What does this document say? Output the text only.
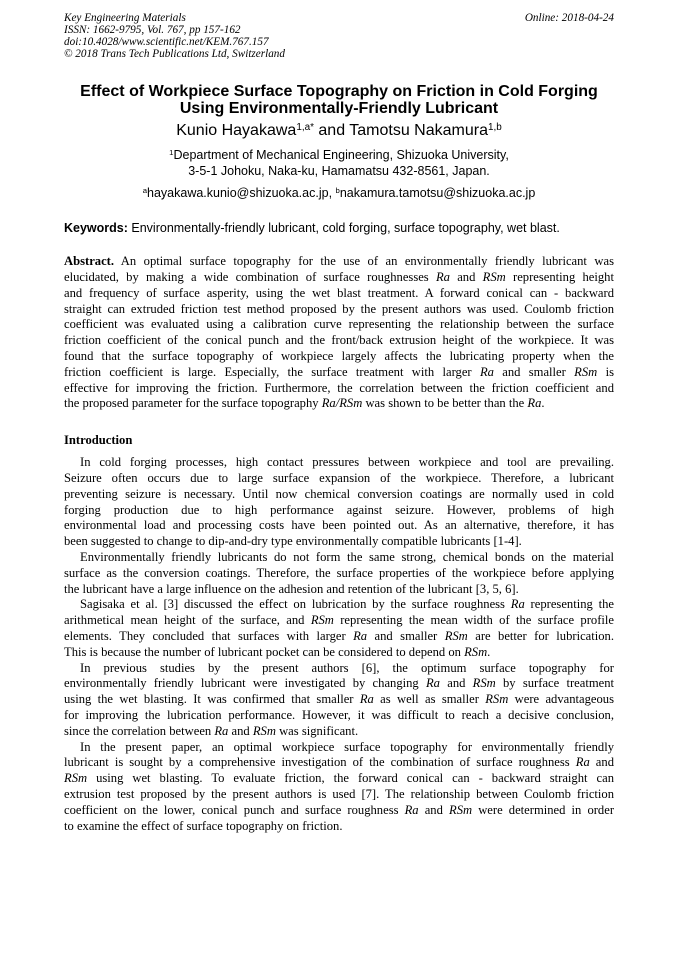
Key Engineering Materials
ISSN: 1662-9795, Vol. 767, pp 157-162
doi:10.4028/www.scientific.net/KEM.767.157
© 2018 Trans Tech Publications Ltd, Switzerland
Online: 2018-04-24
Effect of Workpiece Surface Topography on Friction in Cold Forging
Using Environmentally-Friendly Lubricant
Kunio Hayakawa$^{1,a*}$ and Tamotsu Nakamura$^{1,b}$
$^1$Department of Mechanical Engineering, Shizuoka University,
3-5-1 Johoku, Naka-ku, Hamamatsu 432-8561, Japan.
$^a$hayakawa.kunio@shizuoka.ac.jp, $^b$nakamura.tamotsu@shizuoka.ac.jp
Keywords: Environmentally-friendly lubricant, cold forging, surface topography, wet blast.
Abstract. An optimal surface topography for the use of an environmentally friendly lubricant was
elucidated, by making a wide combination of surface roughnesses Ra and RSm representing height
and frequency of surface asperity, using the wet blast treatment. A forward conical can - backward
straight can extruded friction test method proposed by the present authors was used. Coulomb friction
coefficient was evaluated using a calibration curve representing the relationship between the surface
friction coefficient of the conical punch and the front/back extrusion height of the workpiece. It was
found that the surface topography of workpiece largely affects the lubricating property when the
friction coefficient is large. Especially, the surface treatment with larger Ra and smaller RSm is
effective for improving the friction. Furthermore, the correlation between the friction coefficient and
the proposed parameter for the surface topography Ra/RSm was shown to be better than the Ra.
Introduction
In cold forging processes, high contact pressures between workpiece and tool are prevailing.
Seizure often occurs due to large surface expansion of the workpiece. Therefore, a lubricant
preventing seizure is necessary. Until now chemical conversion coatings are normally used in cold
forging production due to high performance against seizure. However, problems of high
environmental load and processing costs have been pointed out. As an alternative, therefore, it has
been suggested to change to dip-and-dry type environmentally compatible lubricants [1-4].
Environmentally friendly lubricants do not form the same strong, chemical bonds on the material
surface as the conversion coatings. Therefore, the surface properties of the workpiece before applying
the lubricant have a large influence on the adhesion and retention of the lubricant [3, 5, 6].
Sagisaka et al. [3] discussed the effect on lubrication by the surface roughness Ra representing the
arithmetical mean height of the surface, and RSm representing the mean width of the surface profile
elements. They concluded that surfaces with larger Ra and smaller RSm are better for lubrication.
This is because the number of lubricant pocket can be considered to depend on RSm.
In previous studies by the present authors [6], the optimum surface topography for
environmentally friendly lubricant were investigated by changing Ra and RSm by surface treatment
using the wet blasting. It was confirmed that smaller Ra as well as smaller RSm were advantageous
for improving the lubrication performance. However, it was difficult to reach a decisive conclusion,
since the correlation between Ra and RSm was significant.
In the present paper, an optimal workpiece surface topography for environmentally friendly
lubricant is sought by a comprehensive investigation of the combination of surface roughness Ra and
RSm using wet blasting. To evaluate friction, the forward conical can - backward straight can
extrusion test proposed by the present authors is used [7]. The relationship between Coulomb friction
coefficient on the lower, conical punch and surface roughness Ra and RSm were determined in order
to examine the effect of surface topography on friction.
